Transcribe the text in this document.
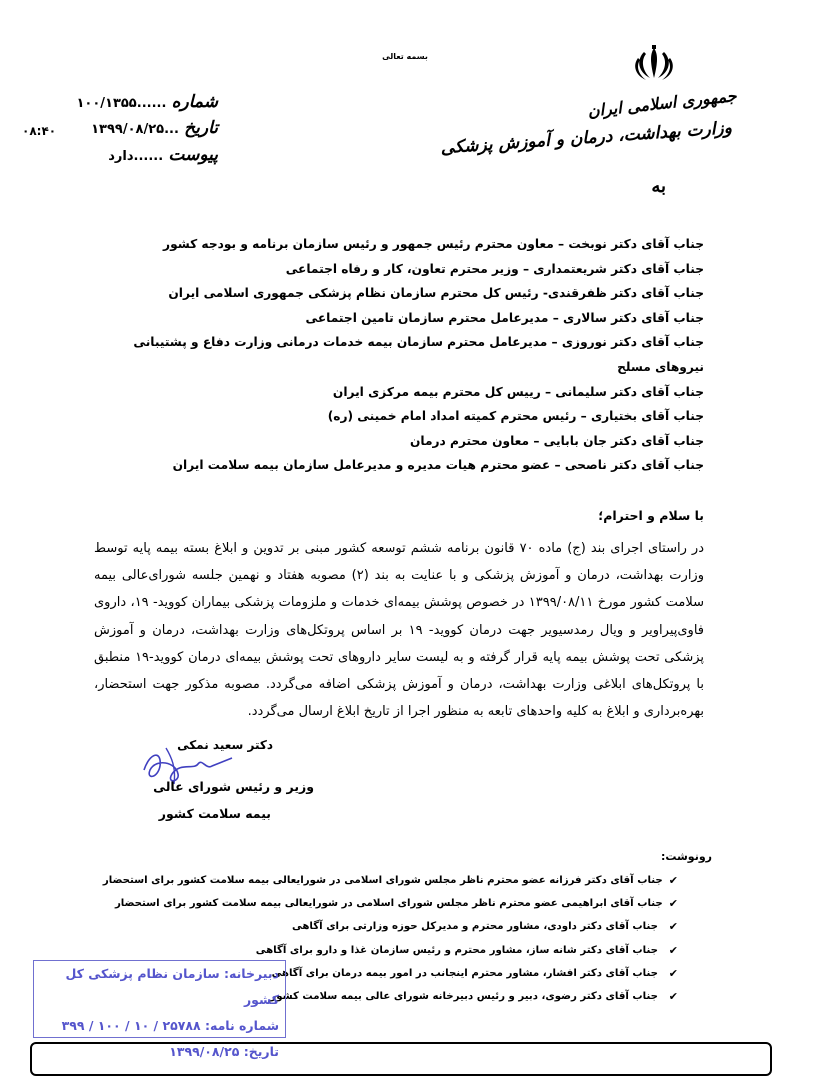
بسمه تعالی
جمهوری اسلامی ایران
وزارت بهداشت، درمان و آموزش پزشکی
شماره ......۱۰۰/۱۳۵۵
تاریخ ...۱۳۹۹/۰۸/۲۵
پیوست ......دارد
۰۸:۴۰
به
جناب آقای دکتر نوبخت – معاون محترم رئیس جمهور و رئیس سازمان برنامه و بودجه کشور
جناب آقای دکتر شریعتمداری – وزیر محترم تعاون، کار و رفاه اجتماعی
جناب آقای دکتر ظفرقندی- رئیس کل محترم سازمان نظام پزشکی جمهوری اسلامی ایران
جناب آقای دکتر سالاری – مدیرعامل محترم سازمان تامین اجتماعی
جناب آقای دکتر نوروزی – مدیرعامل محترم سازمان بیمه خدمات درمانی وزارت دفاع و پشتیبانی نیروهای مسلح
جناب آقای دکتر سلیمانی – رییس کل محترم بیمه مرکزی ایران
جناب آقای بختیاری – رئیس محترم کمیته امداد امام خمینی (ره)
جناب آقای دکتر جان بابایی – معاون محترم درمان
جناب آقای دکتر ناصحی – عضو محترم هیات مدیره و مدیرعامل سازمان بیمه سلامت ایران
با سلام و احترام؛
در راستای اجرای بند (ج) ماده ۷۰ قانون برنامه ششم توسعه کشور مبنی بر تدوین و ابلاغ بسته بیمه پایه توسط وزارت بهداشت، درمان و آموزش پزشکی و با عنایت به بند (۲) مصوبه هفتاد و نهمین جلسه شورای‌عالی بیمه سلامت کشور مورخ ۱۳۹۹/۰۸/۱۱ در خصوص پوشش بیمه‌ای خدمات و ملزومات پزشکی بیماران کووید- ۱۹، داروی فاوی‌پیراویر و ویال رمدسیویر جهت درمان کووید- ۱۹ بر اساس پروتکل‌های وزارت بهداشت، درمان و آموزش پزشکی تحت پوشش بیمه پایه قرار گرفته و به لیست سایر داروهای تحت پوشش بیمه‌ای درمان کووید-۱۹ منطبق با پروتکل‌های ابلاغی وزارت بهداشت، درمان و آموزش پزشکی اضافه می‌گردد. مصوبه مذکور جهت استحضار، بهره‌برداری و ابلاغ به کلیه واحدهای تابعه به منظور اجرا از تاریخ ابلاغ ارسال می‌گردد.
دکتر سعید نمکی
وزیر و رئیس شورای عالی
بیمه سلامت کشور
رونوشت:
✔
جناب آقای دکتر فرزانه عضو محترم ناظر مجلس شورای اسلامی در شورایعالی بیمه سلامت کشور برای استحضار
✔
جناب آقای ابراهیمی عضو محترم ناظر مجلس شورای اسلامی در شورایعالی بیمه سلامت کشور برای استحضار
✔
جناب آقای دکتر داودی، مشاور محترم و مدیرکل حوزه وزارتی برای آگاهی
✔
جناب آقای دکتر شانه ساز، مشاور محترم و رئیس سازمان غذا و دارو برای آگاهی
✔
جناب آقای دکتر افشار، مشاور محترم اینجانب در امور بیمه درمان برای آگاهی
✔
جناب آقای دکتر رضوی، دبیر و رئیس دبیرخانه شورای عالی بیمه سلامت کشور
دبیرخانه: سازمان نظام پزشکی کل کشور
شماره نامه: ۲۵۷۸۸ / ۱۰ / ۱۰۰ / ۳۹۹
تاریخ: ۱۳۹۹/۰۸/۲۵
